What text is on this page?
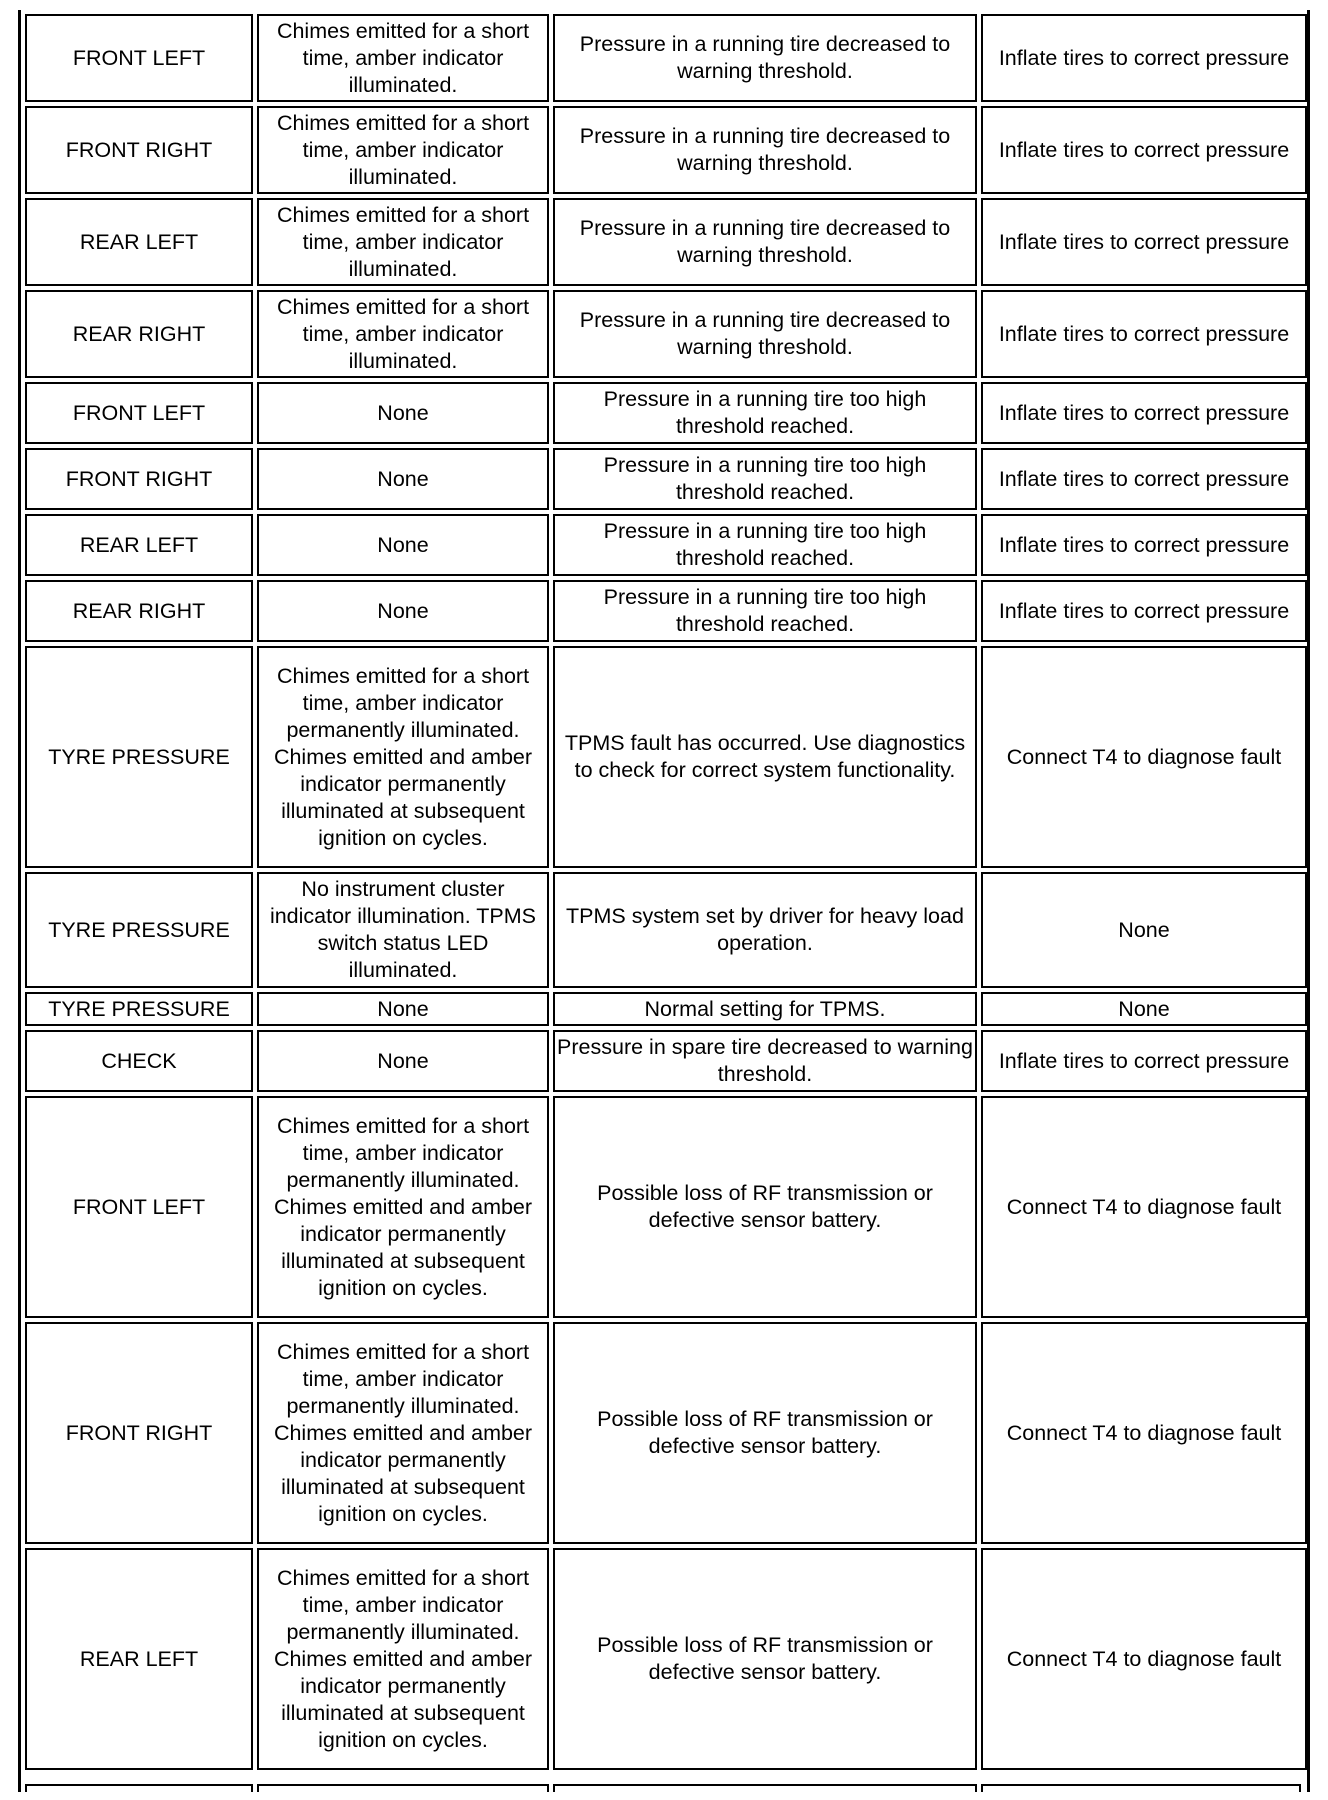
FRONT LEFT	Chimes emitted for a short time, amber indicator illuminated.	Pressure in a running tire decreased to warning threshold.	Inflate tires to correct pressure
FRONT RIGHT	Chimes emitted for a short time, amber indicator illuminated.	Pressure in a running tire decreased to warning threshold.	Inflate tires to correct pressure
REAR LEFT	Chimes emitted for a short time, amber indicator illuminated.	Pressure in a running tire decreased to warning threshold.	Inflate tires to correct pressure
REAR RIGHT	Chimes emitted for a short time, amber indicator illuminated.	Pressure in a running tire decreased to warning threshold.	Inflate tires to correct pressure
FRONT LEFT	None	Pressure in a running tire too high threshold reached.	Inflate tires to correct pressure
FRONT RIGHT	None	Pressure in a running tire too high threshold reached.	Inflate tires to correct pressure
REAR LEFT	None	Pressure in a running tire too high threshold reached.	Inflate tires to correct pressure
REAR RIGHT	None	Pressure in a running tire too high threshold reached.	Inflate tires to correct pressure
TYRE PRESSURE	Chimes emitted for a short time, amber indicator permanently illuminated. Chimes emitted and amber indicator permanently illuminated at subsequent ignition on cycles.	TPMS fault has occurred. Use diagnostics to check for correct system functionality.	Connect T4 to diagnose fault
TYRE PRESSURE	No instrument cluster indicator illumination. TPMS switch status LED illuminated.	TPMS system set by driver for heavy load operation.	None
TYRE PRESSURE	None	Normal setting for TPMS.	None
CHECK	None	Pressure in spare tire decreased to warning threshold.	Inflate tires to correct pressure
FRONT LEFT	Chimes emitted for a short time, amber indicator permanently illuminated. Chimes emitted and amber indicator permanently illuminated at subsequent ignition on cycles.	Possible loss of RF transmission or defective sensor battery.	Connect T4 to diagnose fault
FRONT RIGHT	Chimes emitted for a short time, amber indicator permanently illuminated. Chimes emitted and amber indicator permanently illuminated at subsequent ignition on cycles.	Possible loss of RF transmission or defective sensor battery.	Connect T4 to diagnose fault
REAR LEFT	Chimes emitted for a short time, amber indicator permanently illuminated. Chimes emitted and amber indicator permanently illuminated at subsequent ignition on cycles.	Possible loss of RF transmission or defective sensor battery.	Connect T4 to diagnose fault
